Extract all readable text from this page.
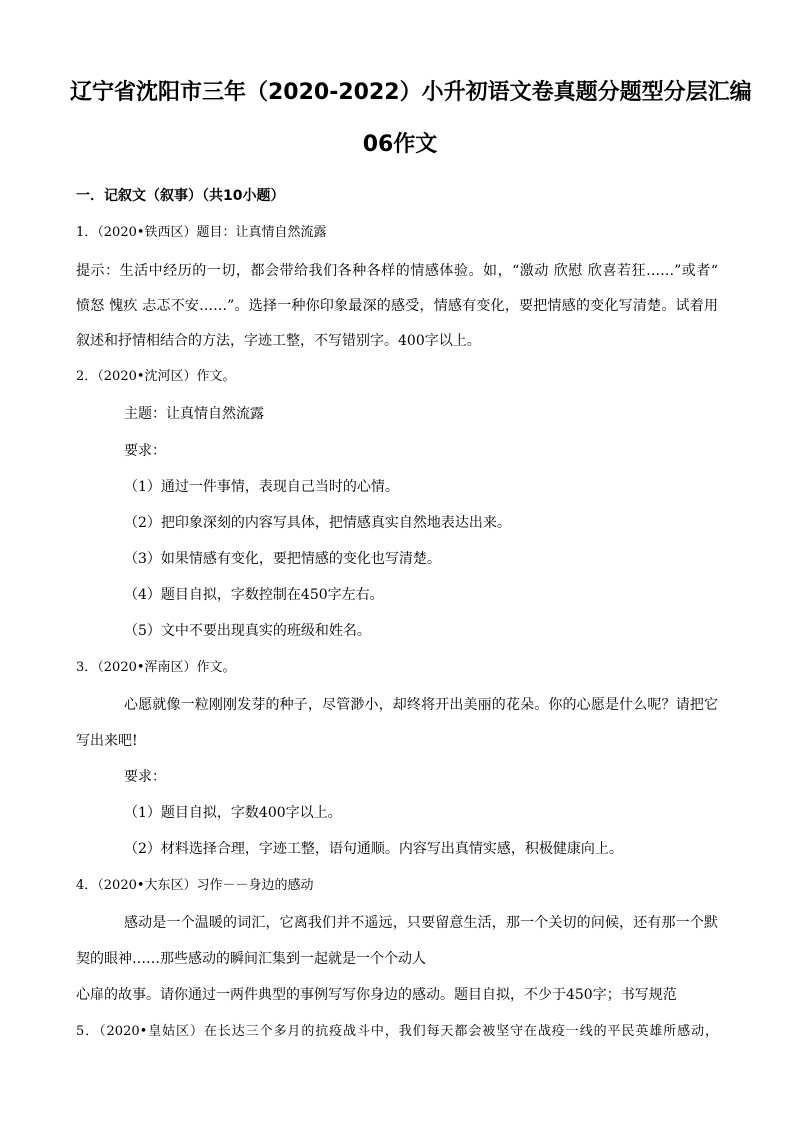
辽宁省沈阳市三年（2020-2022）小升初语文卷真题分题型分层汇编
06作文
一．记叙文（叙事）（共10小题）
1．（2020•铁西区）题目：让真情自然流露
提示：生活中经历的一切，都会带给我们各种各样的情感体验。如，“激动 欣慰 欣喜若狂……”或者“
愤怒 愧疚 忐忑不安……”。选择一种你印象最深的感受，情感有变化，要把情感的变化写清楚。试着用
叙述和抒情相结合的方法，字迹工整，不写错别字。400字以上。
2．（2020•沈河区）作文。
主题：让真情自然流露
要求：
（1）通过一件事情，表现自己当时的心情。
（2）把印象深刻的内容写具体，把情感真实自然地表达出来。
（3）如果情感有变化，要把情感的变化也写清楚。
（4）题目自拟，字数控制在450字左右。
（5）文中不要出现真实的班级和姓名。
3．（2020•浑南区）作文。
心愿就像一粒刚刚发芽的种子，尽管渺小，却终将开出美丽的花朵。你的心愿是什么呢？请把它
写出来吧!
要求：
（1）题目自拟，字数400字以上。
（2）材料选择合理，字迹工整，语句通顺。内容写出真情实感，积极健康向上。
4．（2020•大东区）习作－－身边的感动
感动是一个温暖的词汇，它离我们并不遥远，只要留意生活，那一个关切的问候，还有那一个默
契的眼神……那些感动的瞬间汇集到一起就是一个个动人
心扉的故事。请你通过一两件典型的事例写写你身边的感动。题目自拟，不少于450字；书写规范
5．（2020•皇姑区）在长达三个多月的抗疫战斗中，我们每天都会被坚守在战疫一线的平民英雄所感动，
